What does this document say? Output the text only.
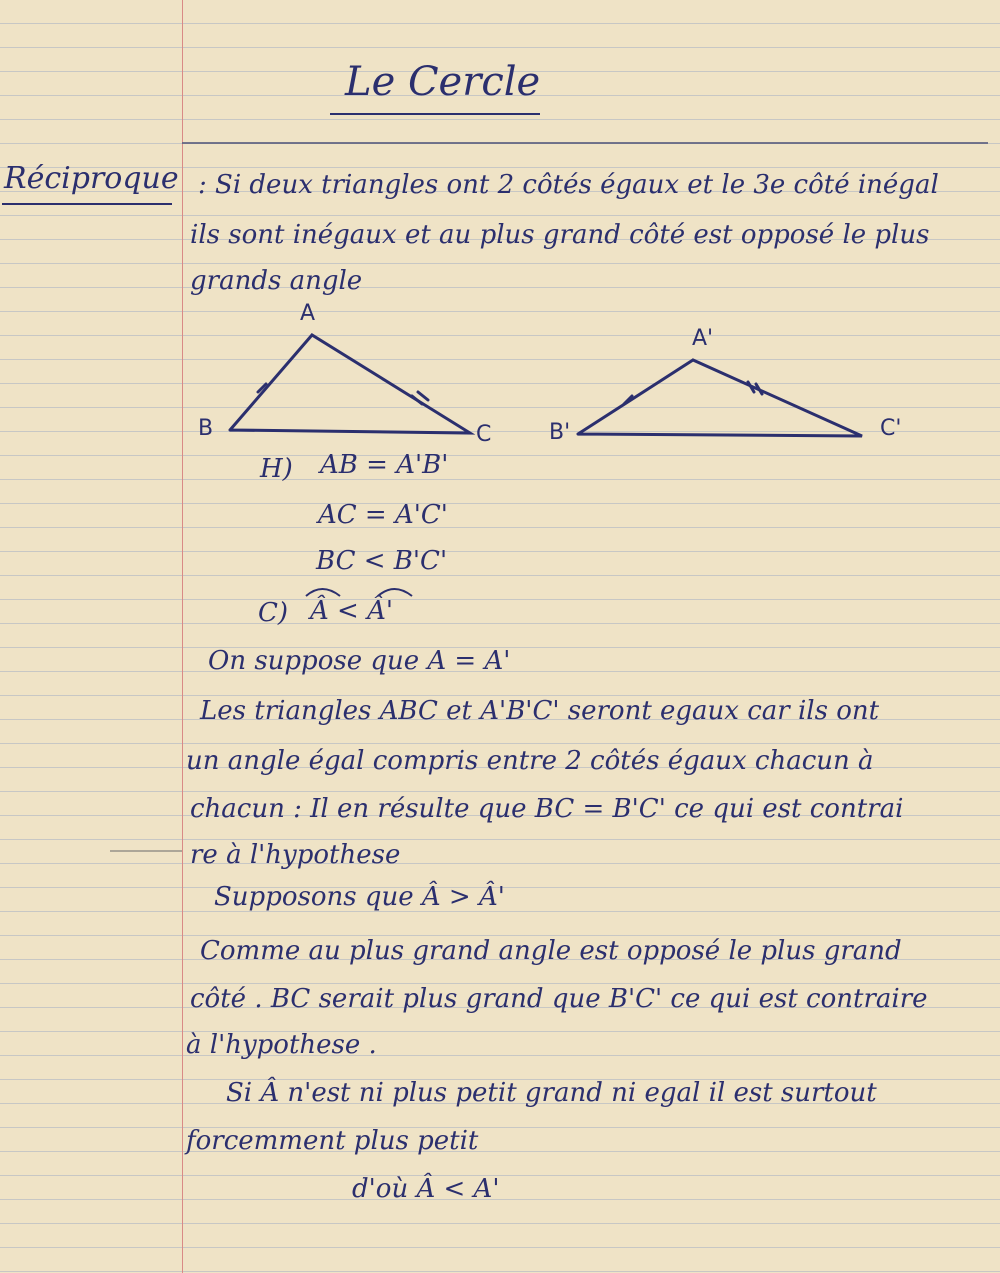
Le Cercle
Réciproque : Si deux triangles ont 2 côtés égaux et le 3e côté inégal
ils sont inégaux et au plus grand côté est opposé le plus
grands angle
A
B	C
A'
B'	C'
H) AB = A'B'
AC = A'C'
BC < B'C'
C) Â < Â'
On suppose que A = A'
Les triangles ABC et A'B'C' seront egaux car ils ont
un angle égal compris entre 2 côtés égaux chacun à
chacun : Il en résulte que BC = B'C' ce qui est contrai
re à l'hypothese
Supposons que Â > Â'
Comme au plus grand angle est opposé le plus grand
côté . BC serait plus grand que B'C' ce qui est contraire
à l'hypothese .
Si Â n'est ni plus petit grand ni egal il est surtout
forcemment plus petit
d'où Â < A'
